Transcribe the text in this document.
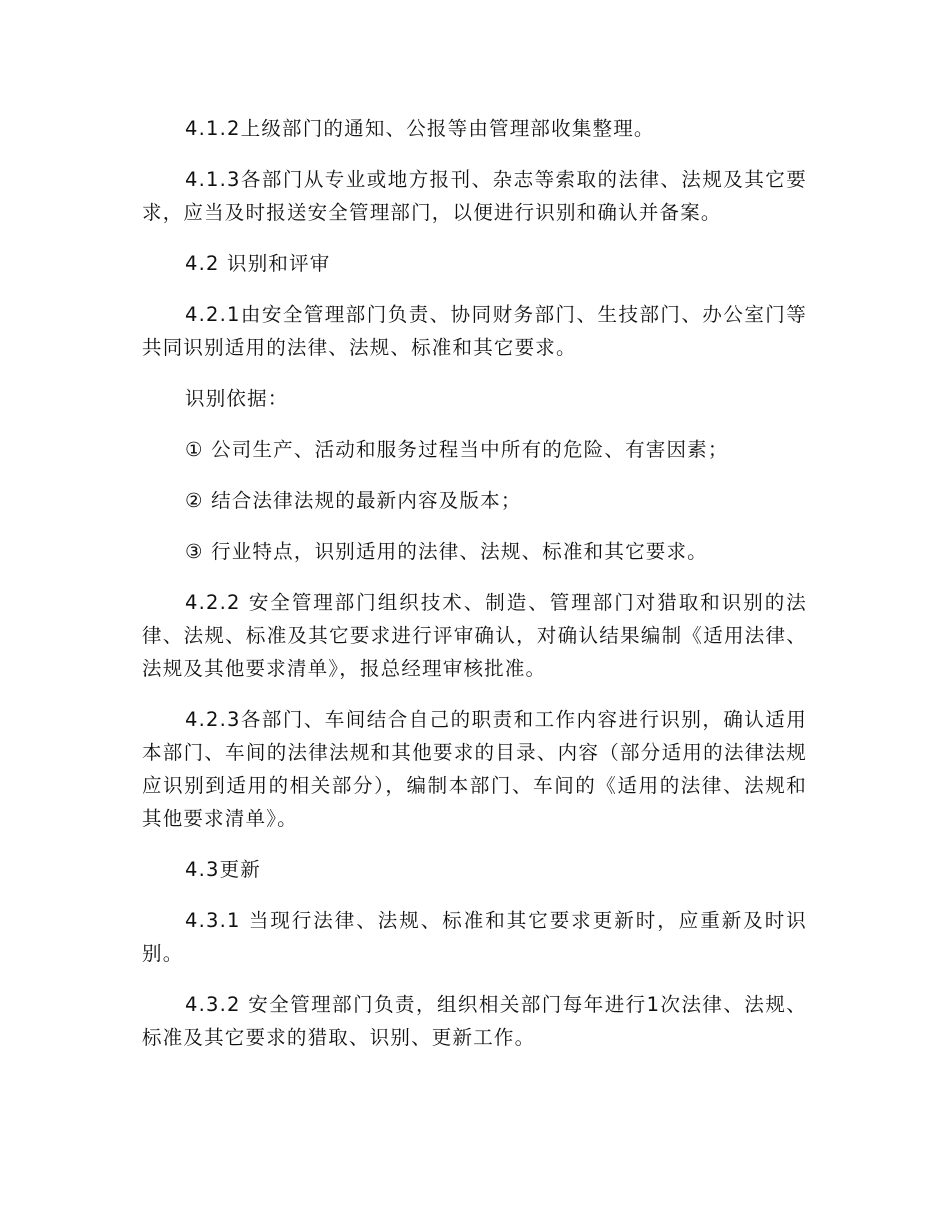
4.1.2上级部门的通知、公报等由管理部收集整理。

4.1.3各部门从专业或地方报刊、杂志等索取的法律、法规及其它要求，应当及时报送安全管理部门，以便进行识别和确认并备案。

4.2 识别和评审

4.2.1由安全管理部门负责、协同财务部门、生技部门、办公室门等共同识别适用的法律、法规、标准和其它要求。

识别依据：

① 公司生产、活动和服务过程当中所有的危险、有害因素；

② 结合法律法规的最新内容及版本；

③ 行业特点，识别适用的法律、法规、标准和其它要求。

4.2.2 安全管理部门组织技术、制造、管理部门对猎取和识别的法律、法规、标准及其它要求进行评审确认，对确认结果编制《适用法律、法规及其他要求清单》，报总经理审核批准。

4.2.3各部门、车间结合自己的职责和工作内容进行识别，确认适用本部门、车间的法律法规和其他要求的目录、内容（部分适用的法律法规应识别到适用的相关部分），编制本部门、车间的《适用的法律、法规和其他要求清单》。

4.3更新

4.3.1 当现行法律、法规、标准和其它要求更新时，应重新及时识别。

4.3.2 安全管理部门负责，组织相关部门每年进行1次法律、法规、标准及其它要求的猎取、识别、更新工作。
